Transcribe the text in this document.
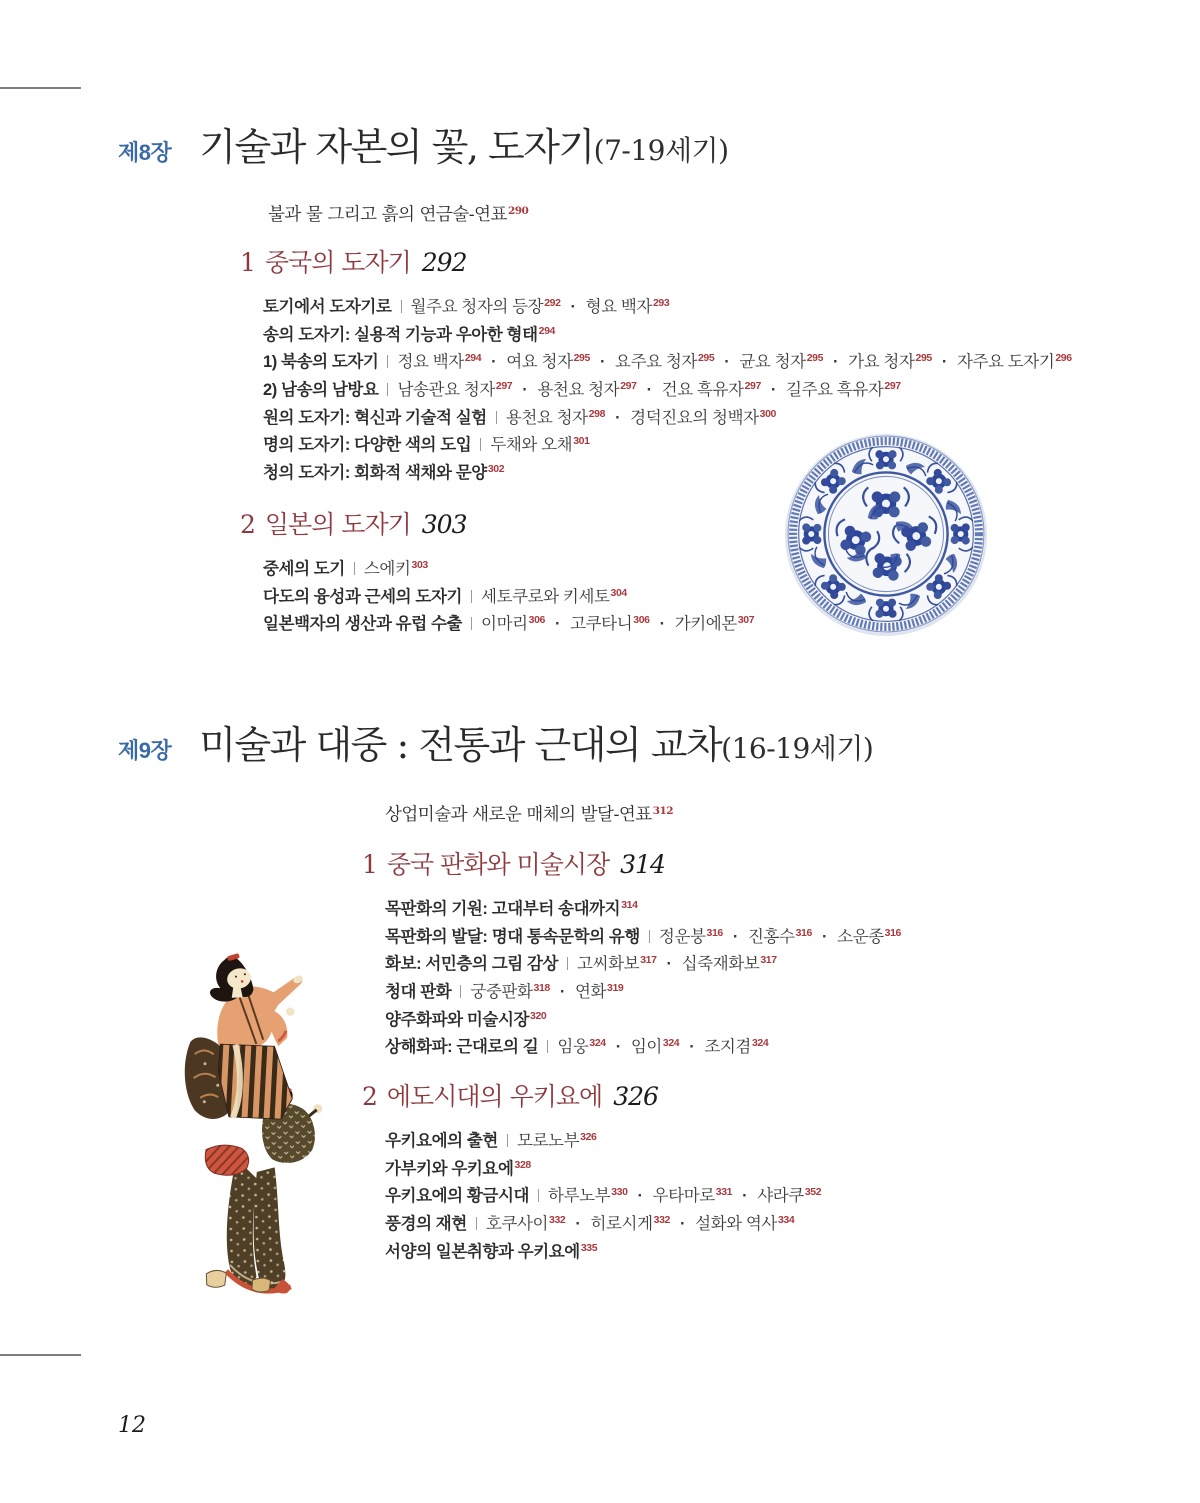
제8장 기술과 자본의 꽃, 도자기(7-19세기)

불과 물 그리고 흙의 연금술-연표$^{290}$

1 중국의 도자기 292
토기에서 도자기로 월주요 청자의 등장$^{292}$ · 형요 백자$^{293}$
송의 도자기: 실용적 기능과 우아한 형태$^{294}$
1) 북송의 도자기 정요 백자$^{294}$ · 여요 청자$^{295}$ · 요주요 청자$^{295}$ · 균요 청자$^{295}$ · 가요 청자$^{295}$ · 자주요 도자기$^{296}$
2) 남송의 남방요 남송관요 청자$^{297}$ · 용천요 청자$^{297}$ · 건요 흑유자$^{297}$ · 길주요 흑유자$^{297}$
원의 도자기: 혁신과 기술적 실험 용천요 청자$^{298}$ · 경덕진요의 청백자$^{300}$
명의 도자기: 다양한 색의 도입 두채와 오채$^{301}$
청의 도자기: 회화적 색채와 문양$^{302}$
2 일본의 도자기 303
중세의 도기 스에키$^{303}$
다도의 융성과 근세의 도자기 세토쿠로와 키세토$^{304}$
일본백자의 생산과 유럽 수출 이마리$^{306}$ · 고쿠타니$^{306}$ · 가키에몬$^{307}$
제9장 미술과 대중 : 전통과 근대의 교차(16-19세기)

상업미술과 새로운 매체의 발달-연표$^{312}$

1 중국 판화와 미술시장 314
목판화의 기원: 고대부터 송대까지$^{314}$
목판화의 발달: 명대 통속문학의 유행 정운붕$^{316}$ · 진홍수$^{316}$ · 소운종$^{316}$
화보: 서민층의 그림 감상 고씨화보$^{317}$ · 십죽재화보$^{317}$
청대 판화 궁중판화$^{318}$ · 연화$^{319}$
양주화파와 미술시장$^{320}$
상해화파: 근대로의 길 임웅$^{324}$ · 임이$^{324}$ · 조지겸$^{324}$
2 에도시대의 우키요에 326
우키요에의 출현 모로노부$^{326}$
가부키와 우키요에$^{328}$
우키요에의 황금시대 하루노부$^{330}$ · 우타마로$^{331}$ · 샤라쿠$^{352}$
풍경의 재현 호쿠사이$^{332}$ · 히로시게$^{332}$ · 설화와 역사$^{334}$
서양의 일본취향과 우키요에$^{335}$
12
